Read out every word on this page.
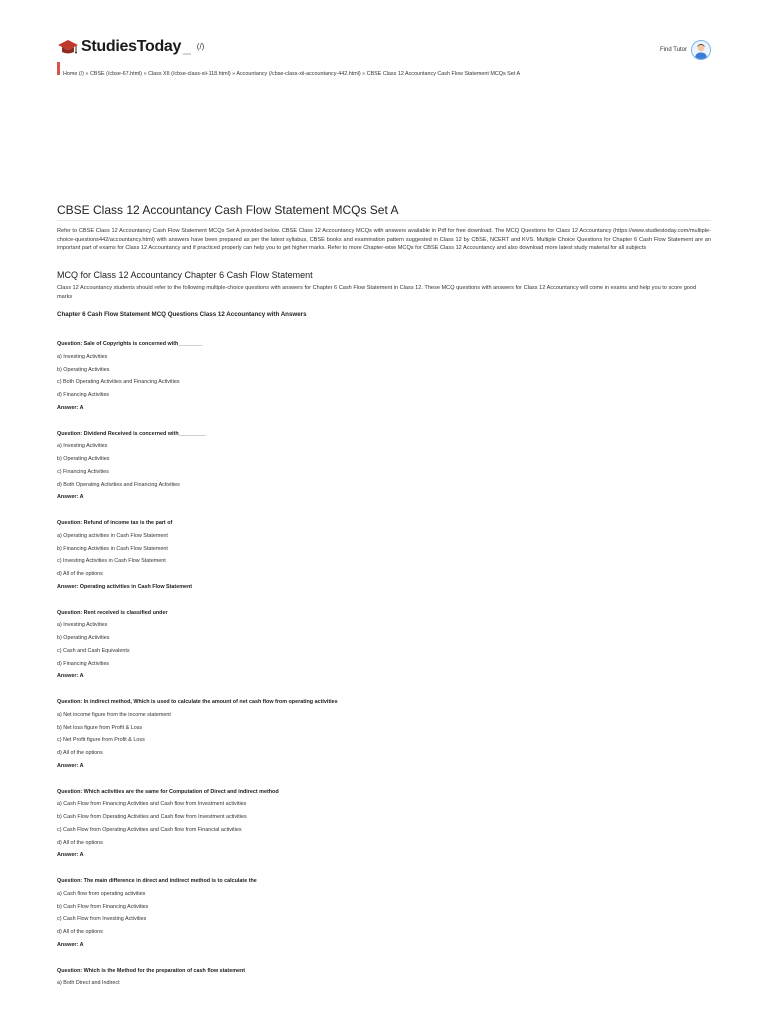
StudiesToday .com
(/)	Find Tutor
Home (/) » CBSE (/cbse-67.html) » Class XII (/cbse-class-xii-118.html) » Accountancy (/cbse-class-xii-accountancy-442.html) » CBSE Class 12 Accountancy Cash Flow Statement MCQs Set A
CBSE Class 12 Accountancy Cash Flow Statement MCQs Set A

Refer to CBSE Class 12 Accountancy Cash Flow Statement MCQs Set A provided below. CBSE Class 12 Accountancy MCQs with answers available in Pdf for free download. The MCQ Questions for Class 12 Accountancy (https://www.studiestoday.com/multiple-choice-questions442/accountancy.html) with answers have been prepared as per the latest syllabus, CBSE books and examination pattern suggested in Class 12 by CBSE, NCERT and KVS. Multiple Choice Questions for Chapter 6 Cash Flow Statement are an important part of exams for Class 12 Accountancy and if practiced properly can help you to get higher marks. Refer to more Chapter-wise MCQs for CBSE Class 12 Accountancy and also download more latest study material for all subjects

MCQ for Class 12 Accountancy Chapter 6 Cash Flow Statement

Class 12 Accountancy students should refer to the following multiple-choice questions with answers for Chapter 6 Cash Flow Statement in Class 12. These MCQ questions with answers for Class 12 Accountancy will come in exams and help you to score good marks

Chapter 6 Cash Flow Statement MCQ Questions Class 12 Accountancy with Answers

Question: Sale of Copyrights is concerned with________
a) Investing Activities
b) Operating Activities
c) Both Operating Activities and Financing Activities
d) Financing Activities
Answer: A
Question: Dividend Received is concerned with_________
a) Investing Activities
b) Operating Activities
c) Financing Activities
d) Both Operating Activities and Financing Activities
Answer: A
Question: Refund of income tax is the part of
a) Operating activities in Cash Flow Statement
b) Financing Activities in Cash Flow Statement
c) Investing Activities in Cash Flow Statement
d) All of the options
Answer: Operating activities in Cash Flow Statement
Question: Rent received is classified under
a) Investing Activities
b) Operating Activities
c) Cash and Cash Equivalents
d) Financing Activities
Answer: A
Question: In indirect method, Which is used to calculate the amount of net cash flow from operating activities
a) Net income figure from the income statement
b) Net loss figure from Profit & Loss
c) Net Profit figure from Profit & Loss
d) All of the options
Answer: A
Question: Which activities are the same for Computation of Direct and indirect method
a) Cash Flow from Financing Activities and Cash flow from Investment activities
b) Cash Flow from Operating Activities and Cash flow from Investment activities
c) Cash Flow from Operating Activities and Cash flow from Financial activities
d) All of the options
Answer: A
Question: The main difference in direct and indirect method is to calculate the
a) Cash flow from operating activities
b) Cash Flow from Financing Activities
c) Cash Flow from Investing Activities
d) All of the options
Answer: A
Question: Which is the Method for the preparation of cash flow statement
a) Both Direct and Indirect
